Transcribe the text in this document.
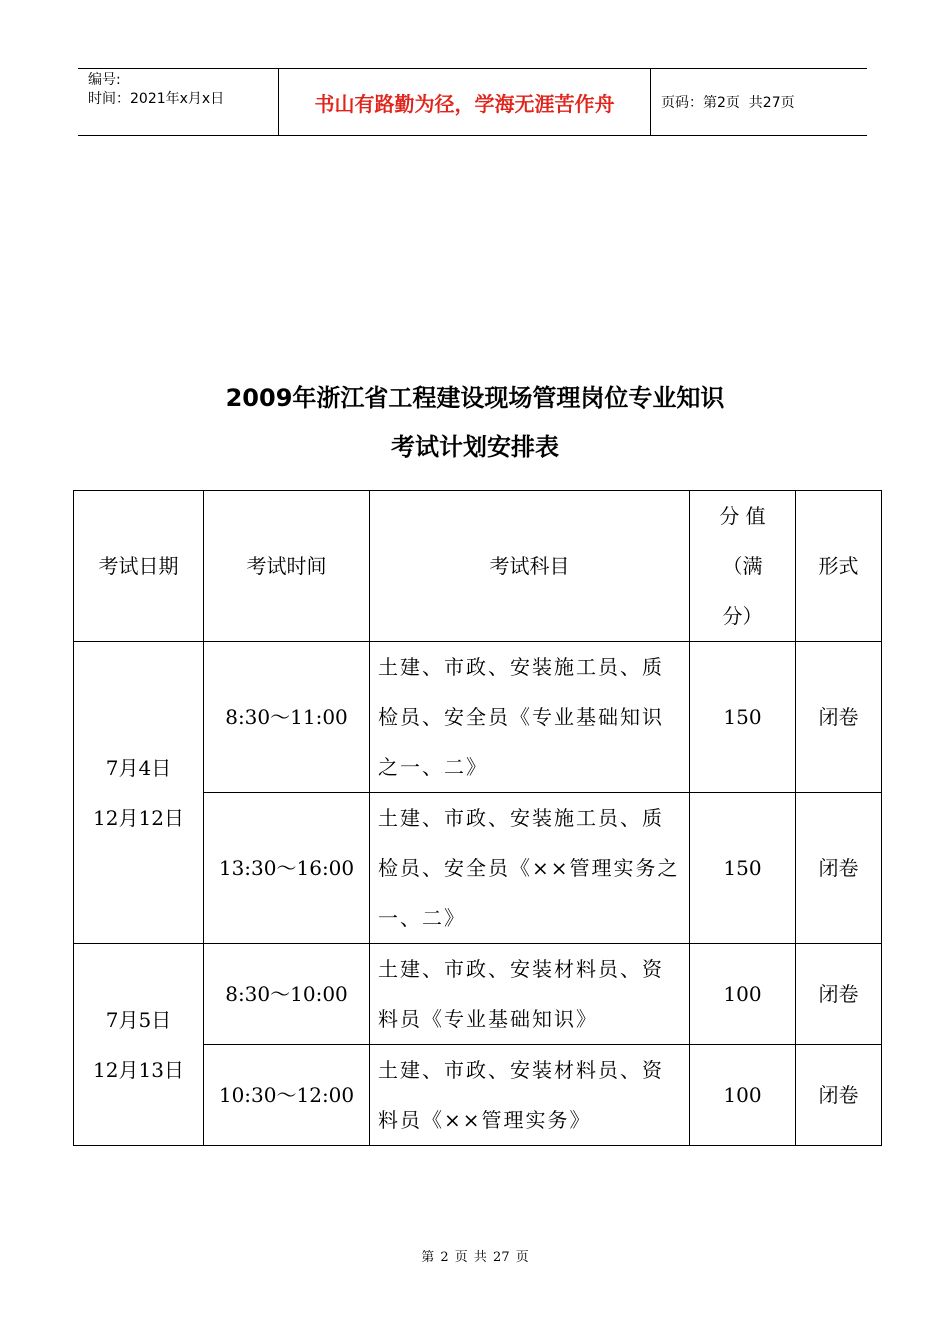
编号:
时间：2021年x月x日	书山有路勤为径，学海无涯苦作舟	页码：第2页  共27页
2009年浙江省工程建设现场管理岗位专业知识
考试计划安排表
考试日期	考试时间	考试科目	分 值
（满
分）	形式

7月4日
12月12日	8:30～11:00	土建、市政、安装施工员、质检员、安全员《专业基础知识之一、二》	150	闭卷
	13:30～16:00	土建、市政、安装施工员、质检员、安全员《××管理实务之一、二》	150	闭卷

7月5日
12月13日	8:30～10:00	土建、市政、安装材料员、资料员《专业基础知识》	100	闭卷
	10:30～12:00	土建、市政、安装材料员、资料员《××管理实务》	100	闭卷
第 2 页 共 27 页
